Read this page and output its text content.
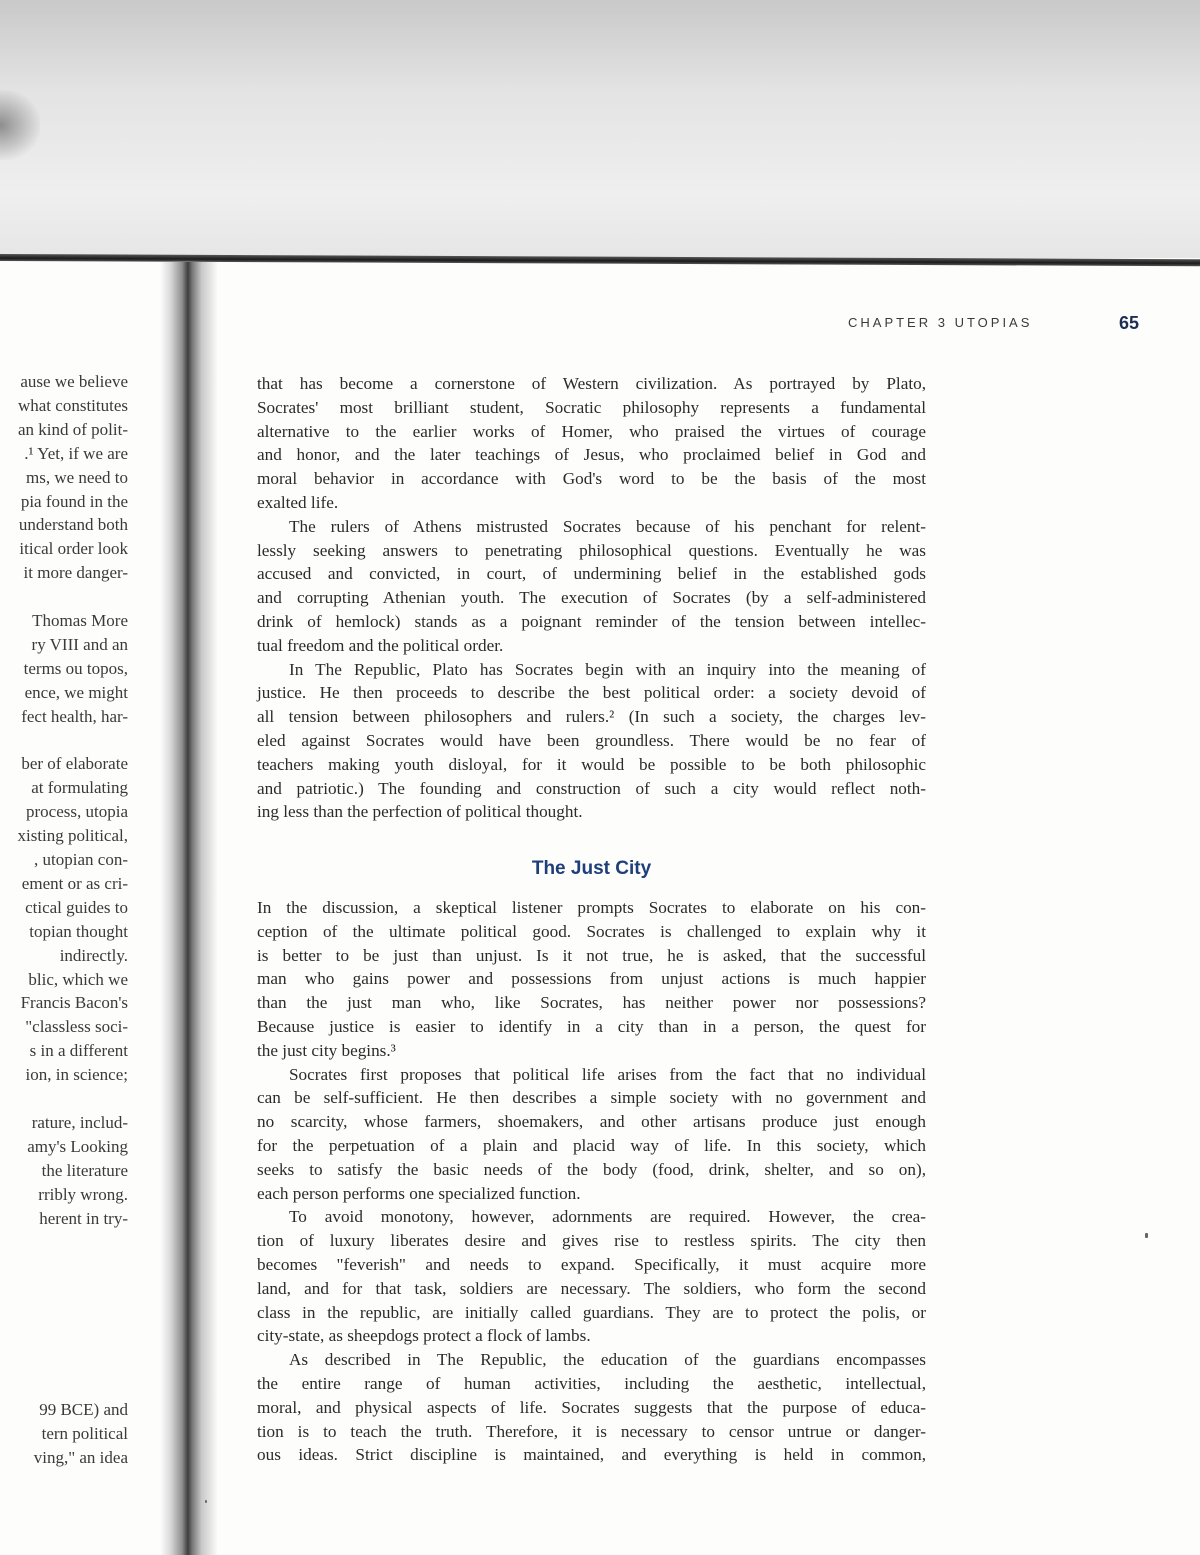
ause we believe
what constitutes
an kind of polit-
.¹ Yet, if we are
ms, we need to
pia found in the
understand both
itical order look
it more danger-
Thomas More
ry VIII and an
terms ou topos,
ence, we might
fect health, har-
ber of elaborate
at formulating
process, utopia
xisting political,
, utopian con-
ement or as cri-
ctical guides to
topian thought
indirectly.
blic, which we
Francis Bacon's
"classless soci-
s in a different
ion, in science;
rature, includ-
amy's Looking
the literature
rribly wrong.
herent in try-
99 BCE) and
tern political
ving," an idea
CHAPTER 3 UTOPIAS	65
that has become a cornerstone of Western civilization. As portrayed by Plato,
Socrates' most brilliant student, Socratic philosophy represents a fundamental
alternative to the earlier works of Homer, who praised the virtues of courage
and honor, and the later teachings of Jesus, who proclaimed belief in God and
moral behavior in accordance with God's word to be the basis of the most
exalted life.
The rulers of Athens mistrusted Socrates because of his penchant for relent-
lessly seeking answers to penetrating philosophical questions. Eventually he was
accused and convicted, in court, of undermining belief in the established gods
and corrupting Athenian youth. The execution of Socrates (by a self-administered
drink of hemlock) stands as a poignant reminder of the tension between intellec-
tual freedom and the political order.
In The Republic, Plato has Socrates begin with an inquiry into the meaning of
justice. He then proceeds to describe the best political order: a society devoid of
all tension between philosophers and rulers.² (In such a society, the charges lev-
eled against Socrates would have been groundless. There would be no fear of
teachers making youth disloyal, for it would be possible to be both philosophic
and patriotic.) The founding and construction of such a city would reflect noth-
ing less than the perfection of political thought.
The Just City
In the discussion, a skeptical listener prompts Socrates to elaborate on his con-
ception of the ultimate political good. Socrates is challenged to explain why it
is better to be just than unjust. Is it not true, he is asked, that the successful
man who gains power and possessions from unjust actions is much happier
than the just man who, like Socrates, has neither power nor possessions?
Because justice is easier to identify in a city than in a person, the quest for
the just city begins.³
Socrates first proposes that political life arises from the fact that no individual
can be self-sufficient. He then describes a simple society with no government and
no scarcity, whose farmers, shoemakers, and other artisans produce just enough
for the perpetuation of a plain and placid way of life. In this society, which
seeks to satisfy the basic needs of the body (food, drink, shelter, and so on),
each person performs one specialized function.
To avoid monotony, however, adornments are required. However, the crea-
tion of luxury liberates desire and gives rise to restless spirits. The city then
becomes "feverish" and needs to expand. Specifically, it must acquire more
land, and for that task, soldiers are necessary. The soldiers, who form the second
class in the republic, are initially called guardians. They are to protect the polis, or
city-state, as sheepdogs protect a flock of lambs.
As described in The Republic, the education of the guardians encompasses
the entire range of human activities, including the aesthetic, intellectual,
moral, and physical aspects of life. Socrates suggests that the purpose of educa-
tion is to teach the truth. Therefore, it is necessary to censor untrue or danger-
ous ideas. Strict discipline is maintained, and everything is held in common,
